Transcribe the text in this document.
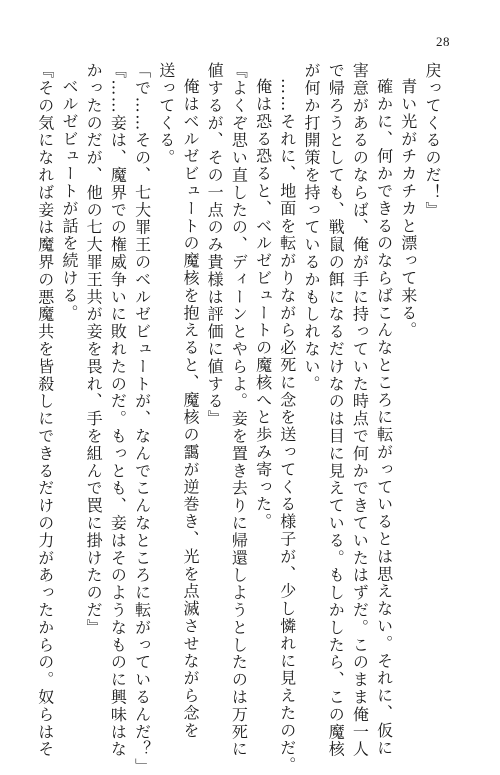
28
戻ってくるのだ！』
青い光がチカチカと漂って来る。
確かに、何かできるのならばこんなところに転がっているとは思えない。それに、仮に
害意があるのならば、俺が手に持っていた時点で何かできていたはずだ。このまま俺一人
で帰ろうとしても、戦鼠の餌になるだけなのは目に見えている。もしかしたら、この魔核
が何か打開策を持っているかもしれない。
……それに、地面を転がりながら必死に念を送ってくる様子が、少し憐れに見えたのだ。
俺は恐る恐ると、ベルゼビュートの魔核へと歩み寄った。
『よくぞ思い直したの、ディーンとやらよ。妾を置き去りに帰還しようとしたのは万死に
値するが、その一点のみ貴様は評価に値する』
俺はベルゼビュートの魔核を抱えると、魔核の靄が逆巻き、光を点滅させながら念を
送ってくる。
「で……その、七大罪王のベルゼビュートが、なんでこんなところに転がっているんだ？」
『……妾は、魔界での権威争いに敗れたのだ。もっとも、妾はそのようなものに興味はな
かったのだが、他の七大罪王共が妾を畏れ、手を組んで罠に掛けたのだ』
ベルゼビュートが話を続ける。
『その気になれば妾は魔界の悪魔共を皆殺しにできるだけの力があったからの。奴らはそ
